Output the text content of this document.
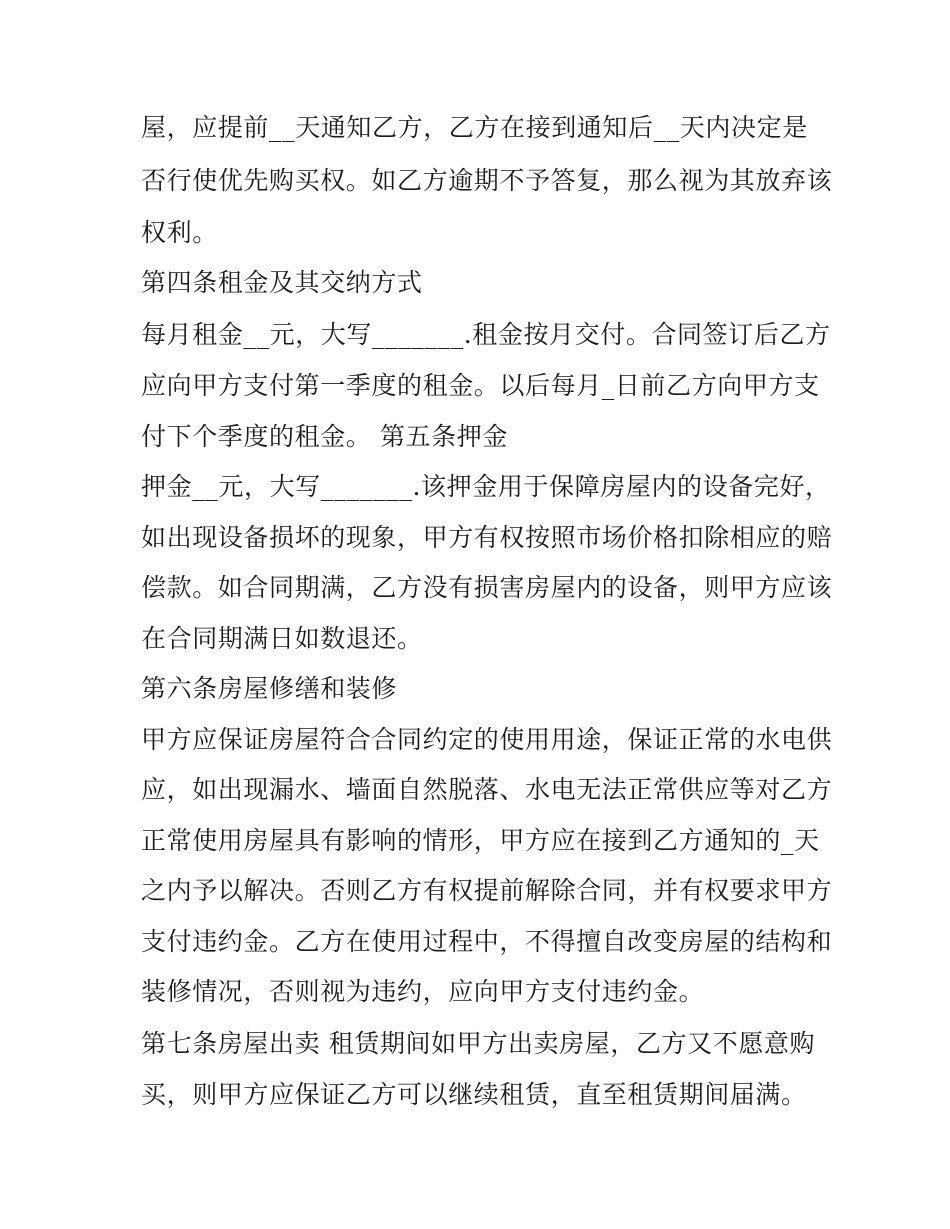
屋，应提前__天通知乙方，乙方在接到通知后__天内决定是
否行使优先购买权。如乙方逾期不予答复，那么视为其放弃该
权利。
第四条租金及其交纳方式
每月租金__元，大写_______.租金按月交付。合同签订后乙方
应向甲方支付第一季度的租金。以后每月_日前乙方向甲方支
付下个季度的租金。 第五条押金
押金__元，大写_______.该押金用于保障房屋内的设备完好，
如出现设备损坏的现象，甲方有权按照市场价格扣除相应的赔
偿款。如合同期满，乙方没有损害房屋内的设备，则甲方应该
在合同期满日如数退还。
第六条房屋修缮和装修
甲方应保证房屋符合合同约定的使用用途，保证正常的水电供
应，如出现漏水、墙面自然脱落、水电无法正常供应等对乙方
正常使用房屋具有影响的情形，甲方应在接到乙方通知的_天
之内予以解决。否则乙方有权提前解除合同，并有权要求甲方
支付违约金。乙方在使用过程中，不得擅自改变房屋的结构和
装修情况，否则视为违约，应向甲方支付违约金。
第七条房屋出卖 租赁期间如甲方出卖房屋，乙方又不愿意购
买，则甲方应保证乙方可以继续租赁，直至租赁期间届满。
